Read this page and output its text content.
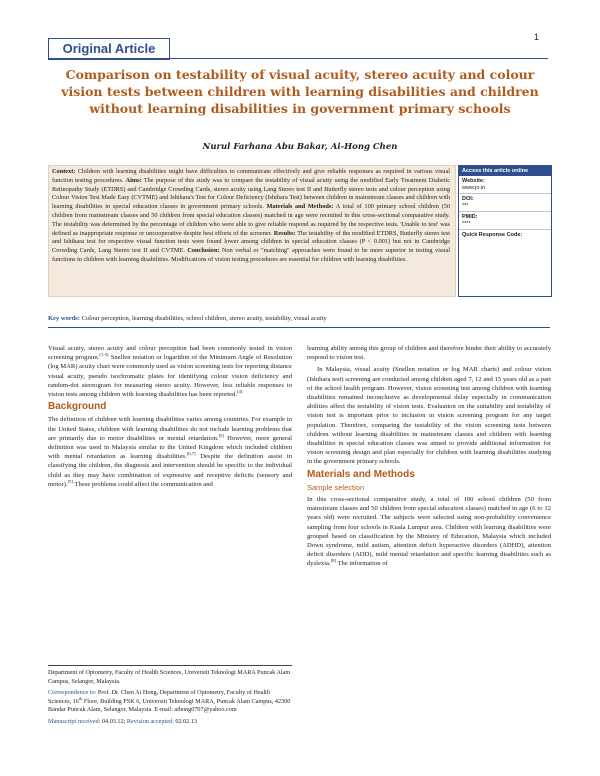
Original Article
1
Comparison on testability of visual acuity, stereo acuity and colour vision tests between children with learning disabilities and children without learning disabilities in government primary schools
Nurul Farhana Abu Bakar, Ai-Hong Chen
Context: Children with learning disabilities might have difficulties to communicate effectively and give reliable responses as required in various visual function testing procedures. Aims: The purpose of this study was to compare the testability of visual acuity using the modified Early Treatment Diabetic Retinopathy Study (ETDRS) and Cambridge Crowding Cards, stereo acuity using Lang Stereo test II and Butterfly stereo tests and colour perception using Colour Vision Test Made Easy (CVTME) and Ishihara's Test for Colour Deficiency (Ishihara Test) between children in mainstream classes and children with learning disabilities in special education classes in government primary schools. Materials and Methods: A total of 100 primary school children (50 children from mainstream classes and 50 children from special education classes) matched in age were recruited in this cross-sectional comparative study. The testability was determined by the percentage of children who were able to give reliable respond as required by the respective tests. 'Unable to test' was defined as inappropriate response or uncooperative despite best efforts of the screener. Results: The testability of the modified ETDRS, Butterfly stereo test and Ishihara test for respective visual function tests were found lower among children in special education classes (P < 0.001) but not in Cambridge Crowding Cards, Lang Stereo test II and CVTME. Conclusion: Non verbal or "matching" approaches were found to be more superior in testing visual functions in children with learning disabilities. Modifications of vision testing procedures are essential for children with learning disabilities.
Access this article online
Website:
www.jo.in
DOI:
***
PMID:
****
Quick Response Code:
Key words: Colour perception, learning disabilities, school children, stereo acuity, testability, visual acuity

Visual acuity, stereo acuity and colour perception had been commonly tested in vision screening program.[1-3] Snellen notation or logarithm of the Minimum Angle of Resolution (log MAR) acuity chart were commonly used as vision screening tests for reporting distance visual acuity, pseudo isochromatic plates for identifying colour vision deficiency and random-dot stereogram for measuring stereo acuity. However, less reliable responses to vision tests among children with learning disabilities has been reported.[4]

Background

The definition of children with learning disabilities varies among countries. For example in the United States, children with learning disabilities do not include learning problems that are primarily due to motor disabilities or mental retardation.[5] However, more general definition was used in Malaysia similar to the United Kingdom which included children with mental retardation as learning disabilities.[6,7] Despite the definition assist in classifying the children, the diagnosis and intervention should be specific to the individual child as they may have combination of expressive and receptive deficits (sensory and motor).[5] These problems could affect the communication and

learning ability among this group of children and therefore hinder their ability to accurately respond to vision test.

In Malaysia, visual acuity (Snellen notation or log MAR charts) and colour vision (Ishihara test) screening are conducted among children aged 7, 12 and 15 years old as a part of the school health program. However, vision screening test among children with learning disabilities remained inconclusive as developmental delay especially in communication abilities affect the testability of vision tests. Evaluation on the suitability and testability of vision test is important prior to inclusion in vision screening program for any target population. Therefore, comparing the testability of the vision screening tests between children without learning disabilities in mainstream classes and children with learning disabilities in special education classes was aimed to provide additional information for vision screening design and plan especially for children with learning disabilities studying in the government primary schools.

Materials and Methods
Sample selection

In this cross-sectional comparative study, a total of 100 school children (50 from mainstream classes and 50 children from special education classes) matched in age (6 to 12 years old) were recruited. The subjects were selected using non-probability convenience sampling from four schools in Kuala Lumpur area. Children with learning disabilities were grouped based on classification by the Ministry of Education, Malaysia which included Down syndrome, mild autism, attention deficit hyperactive disorders (ADHD), attention deficit disorders (ADD), mild mental retardation and specific learning disabilities such as dyslexia.[8] The information of

Department of Optometry, Faculty of Health Sciences, Universiti Teknologi MARA Puncak Alam Campus, Selangor, Malaysia.

Correspondence to: Prof. Dr. Chen Ai Hong, Department of Optometry, Faculty of Health Sciences, 16th Floor, Building FSK 6, Universiti Teknologi MARA, Puncak Alam Campus, 42300 Bandar Puncak Alam, Selangor, Malaysia. E-mail: aihong0707@yahoo.com

Manuscript received: 04.03.12; Revision accepted: 02.02.13
